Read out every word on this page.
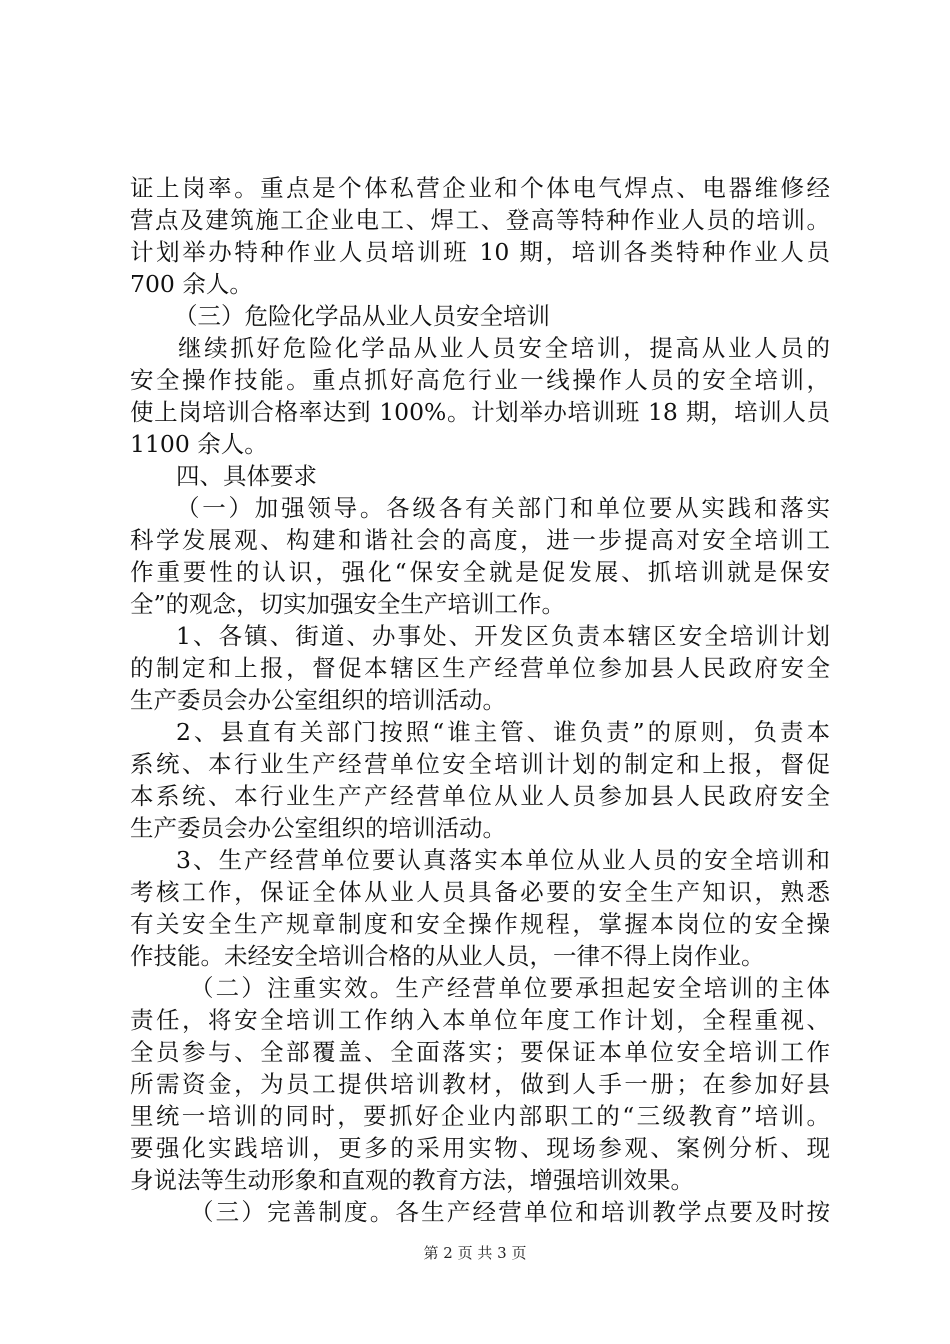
证上岗率。重点是个体私营企业和个体电气焊点、电器维修经
营点及建筑施工企业电工、焊工、登高等特种作业人员的培训。
计划举办特种作业人员培训班 10 期，培训各类特种作业人员
700 余人。
（三）危险化学品从业人员安全培训
继续抓好危险化学品从业人员安全培训，提高从业人员的
安全操作技能。重点抓好高危行业一线操作人员的安全培训，
使上岗培训合格率达到 100%。计划举办培训班 18 期，培训人员
1100 余人。
四、具体要求
（一）加强领导。各级各有关部门和单位要从实践和落实
科学发展观、构建和谐社会的高度，进一步提高对安全培训工
作重要性的认识，强化“保安全就是促发展、抓培训就是保安
全”的观念，切实加强安全生产培训工作。
1、各镇、街道、办事处、开发区负责本辖区安全培训计划
的制定和上报，督促本辖区生产经营单位参加县人民政府安全
生产委员会办公室组织的培训活动。
2、县直有关部门按照“谁主管、谁负责”的原则，负责本
系统、本行业生产经营单位安全培训计划的制定和上报，督促
本系统、本行业生产产经营单位从业人员参加县人民政府安全
生产委员会办公室组织的培训活动。
3、生产经营单位要认真落实本单位从业人员的安全培训和
考核工作，保证全体从业人员具备必要的安全生产知识，熟悉
有关安全生产规章制度和安全操作规程，掌握本岗位的安全操
作技能。未经安全培训合格的从业人员，一律不得上岗作业。
（二）注重实效。生产经营单位要承担起安全培训的主体
责任，将安全培训工作纳入本单位年度工作计划，全程重视、
全员参与、全部覆盖、全面落实；要保证本单位安全培训工作
所需资金，为员工提供培训教材，做到人手一册；在参加好县
里统一培训的同时，要抓好企业内部职工的“三级教育”培训。
要强化实践培训，更多的采用实物、现场参观、案例分析、现
身说法等生动形象和直观的教育方法，增强培训效果。
（三）完善制度。各生产经营单位和培训教学点要及时按
第 2 页 共 3 页
